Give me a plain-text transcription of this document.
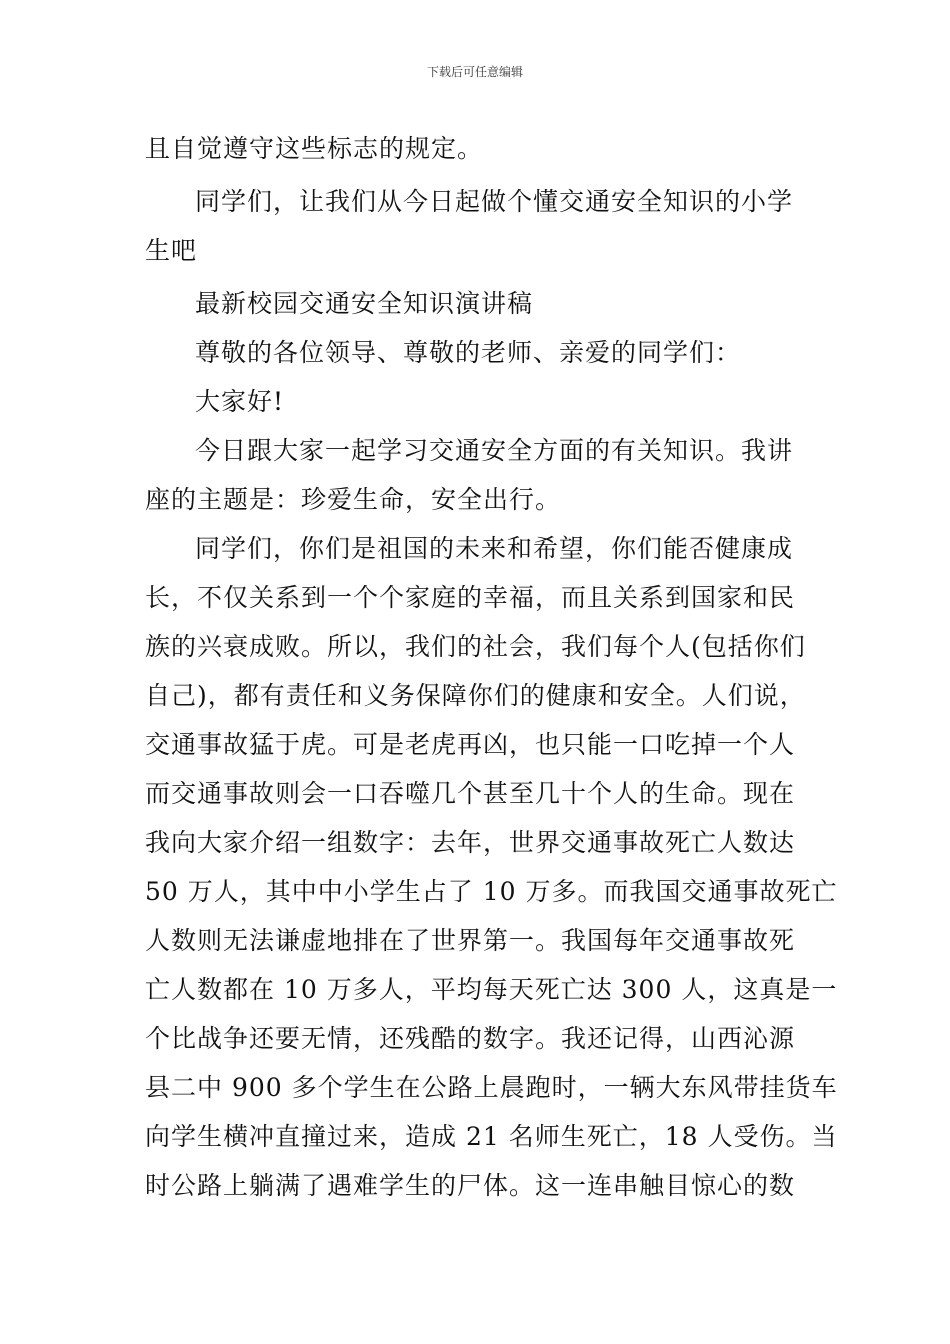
下载后可任意编辑
且自觉遵守这些标志的规定。
同学们，让我们从今日起做个懂交通安全知识的小学
生吧
最新校园交通安全知识演讲稿
尊敬的各位领导、尊敬的老师、亲爱的同学们：
大家好!
今日跟大家一起学习交通安全方面的有关知识。我讲
座的主题是：珍爱生命，安全出行。
同学们，你们是祖国的未来和希望，你们能否健康成
长，不仅关系到一个个家庭的幸福，而且关系到国家和民
族的兴衰成败。所以，我们的社会，我们每个人(包括你们
自己)，都有责任和义务保障你们的健康和安全。人们说，
交通事故猛于虎。可是老虎再凶，也只能一口吃掉一个人
而交通事故则会一口吞噬几个甚至几十个人的生命。现在
我向大家介绍一组数字：去年，世界交通事故死亡人数达
50 万人，其中中小学生占了 10 万多。而我国交通事故死亡
人数则无法谦虚地排在了世界第一。我国每年交通事故死
亡人数都在 10 万多人，平均每天死亡达 300 人，这真是一
个比战争还要无情，还残酷的数字。我还记得，山西沁源
县二中 900 多个学生在公路上晨跑时，一辆大东风带挂货车
向学生横冲直撞过来，造成 21 名师生死亡，18 人受伤。当
时公路上躺满了遇难学生的尸体。这一连串触目惊心的数
